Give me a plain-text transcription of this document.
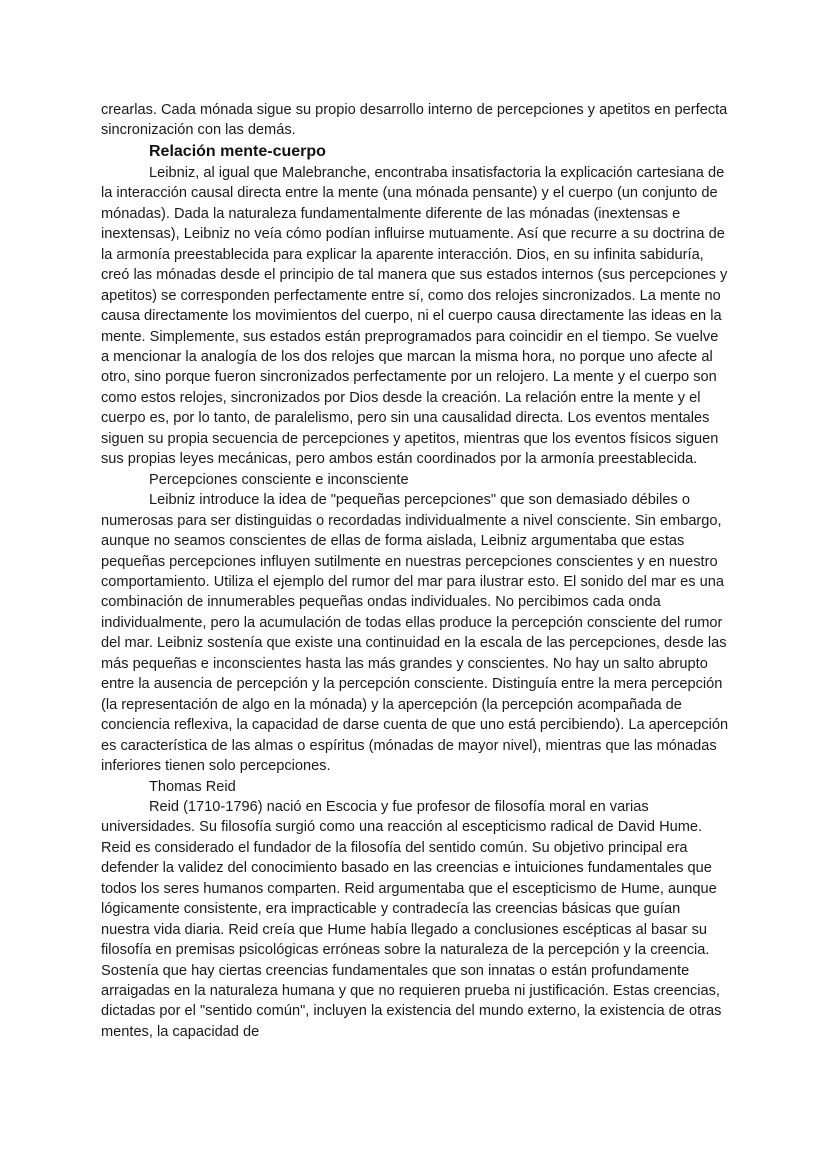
crearlas. Cada mónada sigue su propio desarrollo interno de percepciones y apetitos en perfecta sincronización con las demás.

Relación mente-cuerpo

Leibniz, al igual que Malebranche, encontraba insatisfactoria la explicación cartesiana de la interacción causal directa entre la mente (una mónada pensante) y el cuerpo (un conjunto de mónadas). Dada la naturaleza fundamentalmente diferente de las mónadas (inextensas e inextensas), Leibniz no veía cómo podían influirse mutuamente. Así que recurre a su doctrina de la armonía preestablecida para explicar la aparente interacción. Dios, en su infinita sabiduría, creó las mónadas desde el principio de tal manera que sus estados internos (sus percepciones y apetitos) se corresponden perfectamente entre sí, como dos relojes sincronizados. La mente no causa directamente los movimientos del cuerpo, ni el cuerpo causa directamente las ideas en la mente. Simplemente, sus estados están preprogramados para coincidir en el tiempo. Se vuelve a mencionar la analogía de los dos relojes que marcan la misma hora, no porque uno afecte al otro, sino porque fueron sincronizados perfectamente por un relojero. La mente y el cuerpo son como estos relojes, sincronizados por Dios desde la creación. La relación entre la mente y el cuerpo es, por lo tanto, de paralelismo, pero sin una causalidad directa. Los eventos mentales siguen su propia secuencia de percepciones y apetitos, mientras que los eventos físicos siguen sus propias leyes mecánicas, pero ambos están coordinados por la armonía preestablecida.

Percepciones consciente e inconsciente

Leibniz introduce la idea de "pequeñas percepciones" que son demasiado débiles o numerosas para ser distinguidas o recordadas individualmente a nivel consciente. Sin embargo, aunque no seamos conscientes de ellas de forma aislada, Leibniz argumentaba que estas pequeñas percepciones influyen sutilmente en nuestras percepciones conscientes y en nuestro comportamiento. Utiliza el ejemplo del rumor del mar para ilustrar esto. El sonido del mar es una combinación de innumerables pequeñas ondas individuales. No percibimos cada onda individualmente, pero la acumulación de todas ellas produce la percepción consciente del rumor del mar. Leibniz sostenía que existe una continuidad en la escala de las percepciones, desde las más pequeñas e inconscientes hasta las más grandes y conscientes. No hay un salto abrupto entre la ausencia de percepción y la percepción consciente. Distinguía entre la mera percepción (la representación de algo en la mónada) y la apercepción (la percepción acompañada de conciencia reflexiva, la capacidad de darse cuenta de que uno está percibiendo). La apercepción es característica de las almas o espíritus (mónadas de mayor nivel), mientras que las mónadas inferiores tienen solo percepciones.

Thomas Reid

Reid (1710-1796) nació en Escocia y fue profesor de filosofía moral en varias universidades. Su filosofía surgió como una reacción al escepticismo radical de David Hume. Reid es considerado el fundador de la filosofía del sentido común. Su objetivo principal era defender la validez del conocimiento basado en las creencias e intuiciones fundamentales que todos los seres humanos comparten. Reid argumentaba que el escepticismo de Hume, aunque lógicamente consistente, era impracticable y contradecía las creencias básicas que guían nuestra vida diaria. Reid creía que Hume había llegado a conclusiones escépticas al basar su filosofía en premisas psicológicas erróneas sobre la naturaleza de la percepción y la creencia. Sostenía que hay ciertas creencias fundamentales que son innatas o están profundamente arraigadas en la naturaleza humana y que no requieren prueba ni justificación. Estas creencias, dictadas por el "sentido común", incluyen la existencia del mundo externo, la existencia de otras mentes, la capacidad de
